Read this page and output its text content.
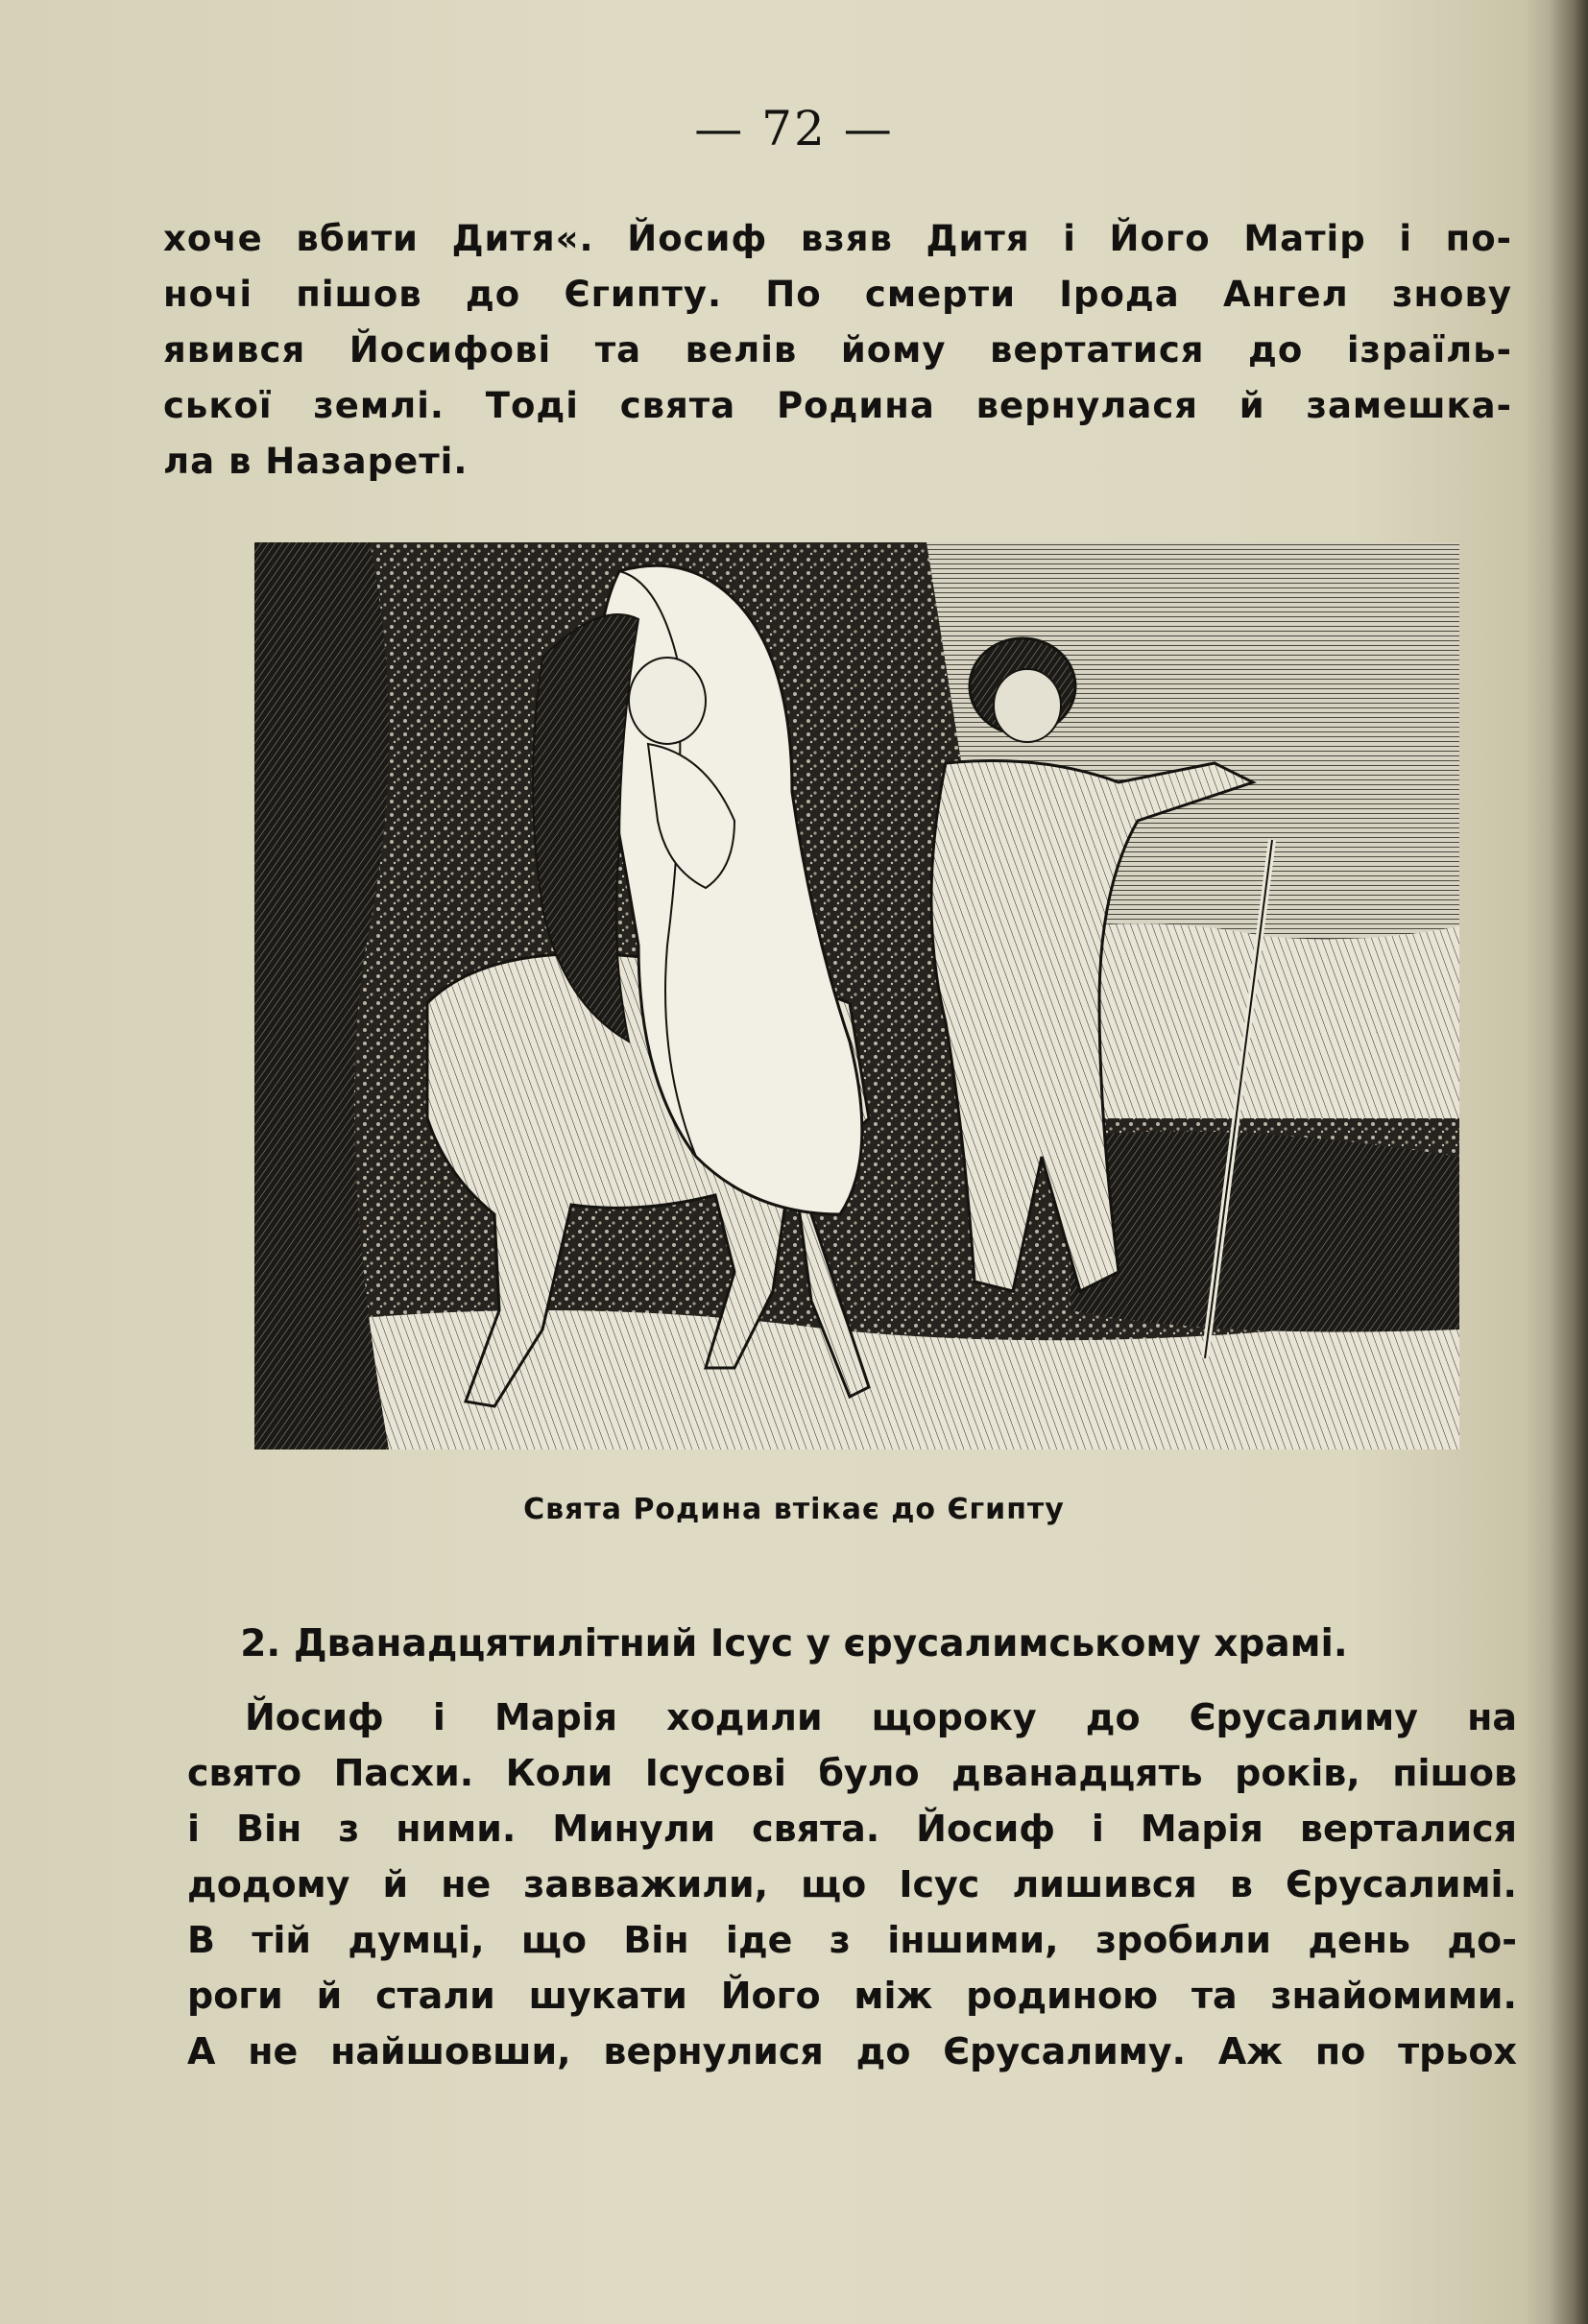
— 72 —
хоче вбити Дитя«. Йосиф взяв Дитя і Його Матір і по-
ночі пішов до Єгипту. По смерти Ірода Ангел знову
явився Йосифові та велів йому вертатися до ізраїль-
ської землі. Тоді свята Родина вернулася й замешка-
ла в Назареті.
Свята Родина втікає до Єгипту
2. Дванадцятилітний Ісус у єрусалимському храмі.
Йосиф і Марія ходили щороку до Єрусалиму на
свято Пасхи. Коли Ісусові було дванадцять років, пішов
і Він з ними. Минули свята. Йосиф і Марія верталися
додому й не завважили, що Ісус лишився в Єрусалимі.
В тій думці, що Він іде з іншими, зробили день до-
роги й стали шукати Його між родиною та знайомими.
А не найшовши, вернулися до Єрусалиму. Аж по трьох
